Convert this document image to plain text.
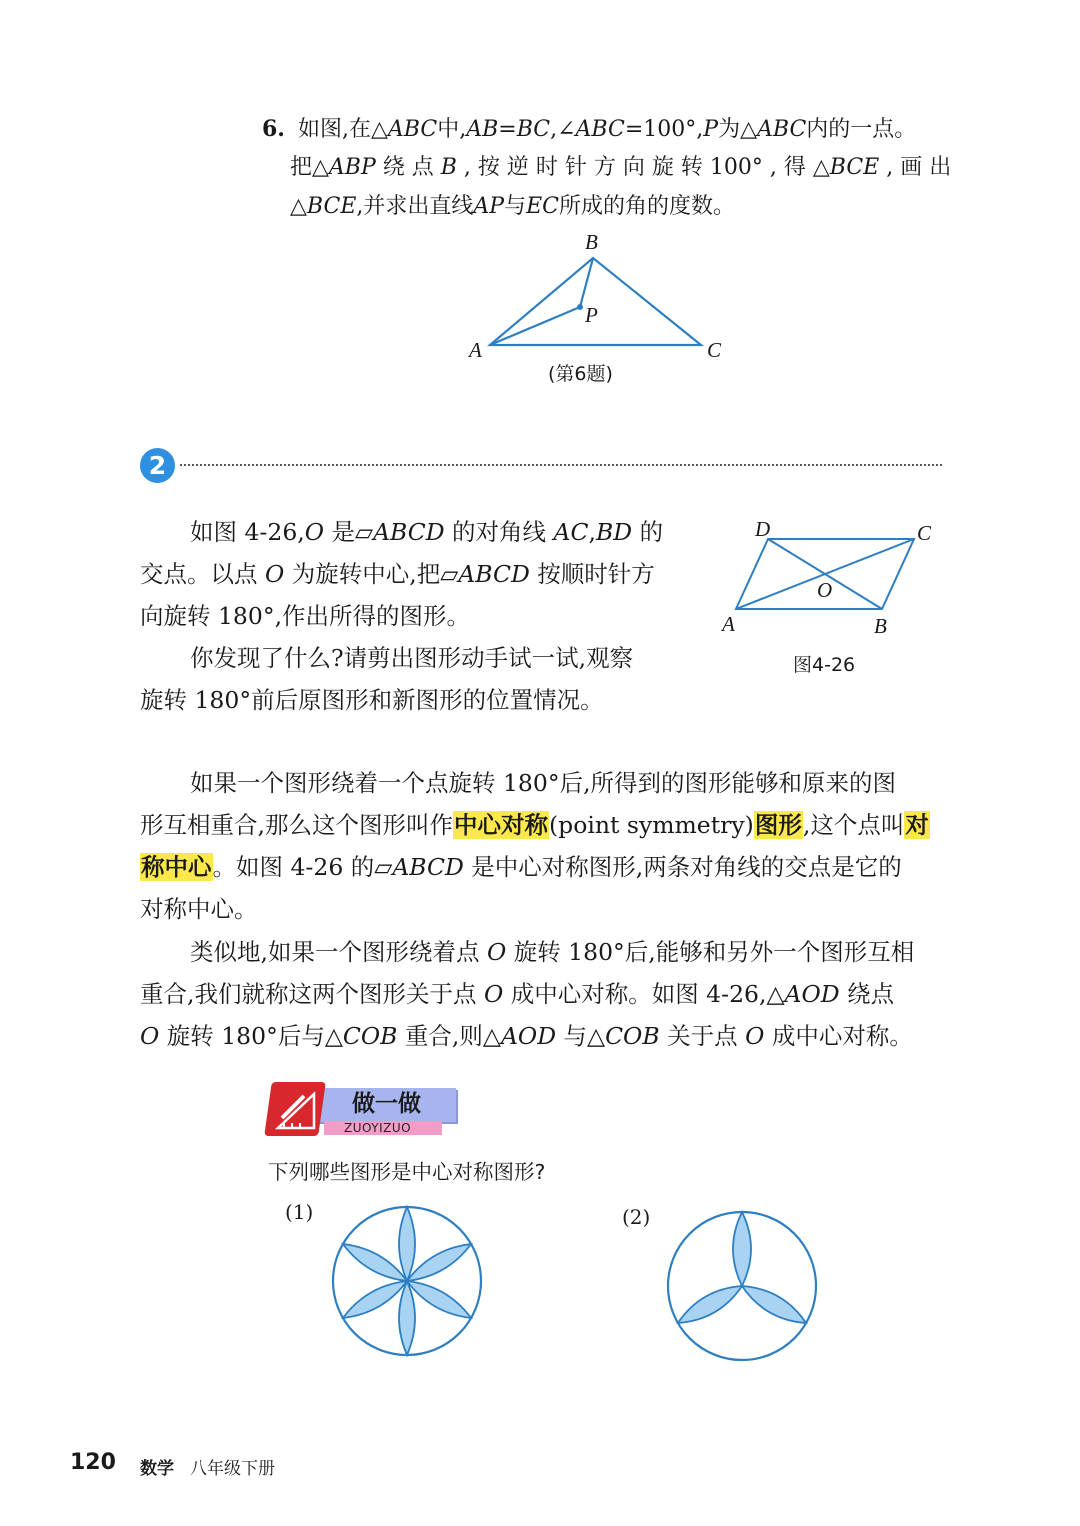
6. 如图,在△ABC中,AB=BC,∠ABC=100°,P为△ABC内的一点。
把△ABP 绕 点 B , 按 逆 时 针 方 向 旋 转 100° , 得 △BCE , 画 出
△BCE,并求出直线AP与EC所成的角的度数。
B
P
A	C
(第6题)
2
如图 4-26,O 是▱ABCD 的对角线 AC,BD 的
交点。以点 O 为旋转中心,把▱ABCD 按顺时针方
向旋转 180°,作出所得的图形。
你发现了什么?请剪出图形动手试一试,观察
旋转 180°前后原图形和新图形的位置情况。
D	C
O
A	B
图4-26
如果一个图形绕着一个点旋转 180°后,所得到的图形能够和原来的图
形互相重合,那么这个图形叫作中心对称(point symmetry)图形,这个点叫对
称中心。如图 4-26 的▱ABCD 是中心对称图形,两条对角线的交点是它的
对称中心。
类似地,如果一个图形绕着点 O 旋转 180°后,能够和另外一个图形互相
重合,我们就称这两个图形关于点 O 成中心对称。如图 4-26,△AOD 绕点
O 旋转 180°后与△COB 重合,则△AOD 与△COB 关于点 O 成中心对称。
做一做
ZUOYIZUO
下列哪些图形是中心对称图形?
(1)	(2)
120 数学 八年级下册
